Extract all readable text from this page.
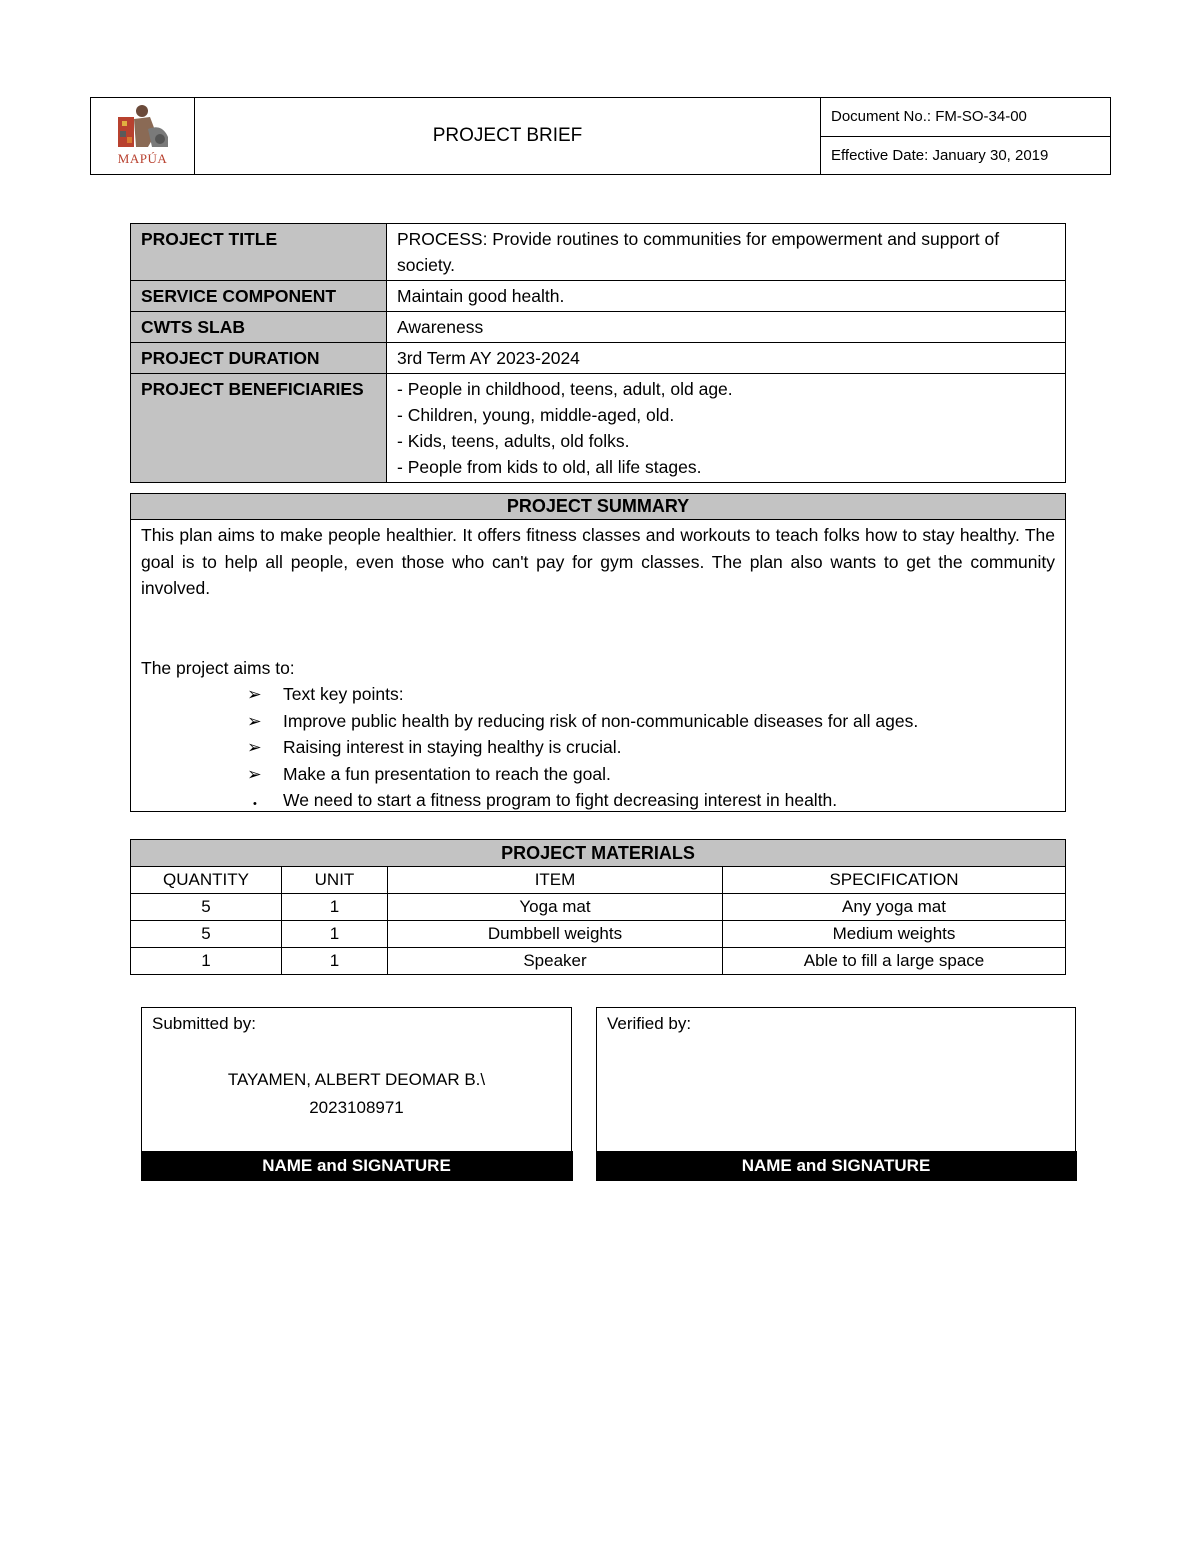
MAPÚA
	PROJECT BRIEF	Document No.: FM-SO-34-00
Effective Date: January 30, 2019
PROJECT TITLE	PROCESS: Provide routines to communities for empowerment and support of society.
SERVICE COMPONENT	Maintain good health.
CWTS SLAB	Awareness
PROJECT DURATION	3rd Term AY 2023-2024
PROJECT BENEFICIARIES	- People in childhood, teens, adult, old age.
- Children, young, middle-aged, old.
- Kids, teens, adults, old folks.
- People from kids to old, all life stages.
PROJECT SUMMARY
This plan aims to make people healthier. It offers fitness classes and workouts to teach folks how to stay healthy. The goal is to help all people, even those who can't pay for gym classes. The plan also wants to get the community involved.
The project aims to:
➢ Text key points:
➢ Improve public health by reducing risk of non-communicable diseases for all ages.
➢ Raising interest in staying healthy is crucial.
➢ Make a fun presentation to reach the goal.
• We need to start a fitness program to fight decreasing interest in health.
PROJECT MATERIALS			
QUANTITY	UNIT	ITEM	SPECIFICATION
5	1	Yoga mat	Any yoga mat
5	1	Dumbbell weights	Medium weights
1	1	Speaker	Able to fill a large space
Submitted by:
TAYAMEN, ALBERT DEOMAR B.\
2023108971
NAME and SIGNATURE
Verified by:
NAME and SIGNATURE
